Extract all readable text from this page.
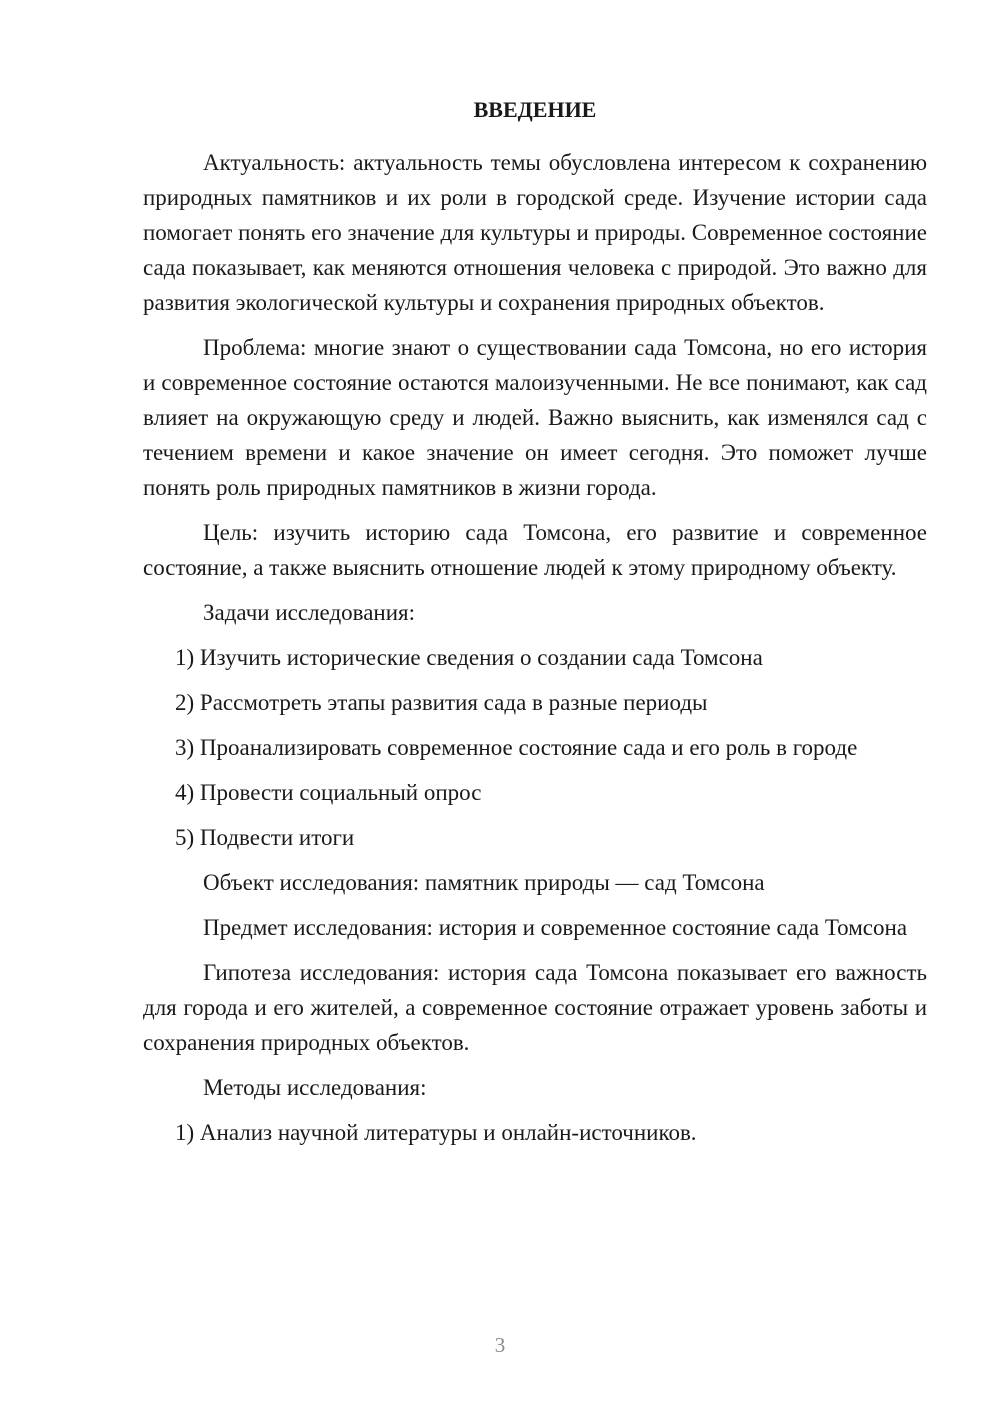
ВВЕДЕНИЕ

Актуальность: актуальность темы обусловлена интересом к сохранению природных памятников и их роли в городской среде. Изучение истории сада помогает понять его значение для культуры и природы. Современное состояние сада показывает, как меняются отношения человека с природой. Это важно для развития экологической культуры и сохранения природных объектов.

Проблема: многие знают о существовании сада Томсона, но его история и современное состояние остаются малоизученными. Не все понимают, как сад влияет на окружающую среду и людей. Важно выяснить, как изменялся сад с течением времени и какое значение он имеет сегодня. Это поможет лучше понять роль природных памятников в жизни города.

Цель: изучить историю сада Томсона, его развитие и современное состояние, а также выяснить отношение людей к этому природному объекту.

Задачи исследования:

1) Изучить исторические сведения о создании сада Томсона
2) Рассмотреть этапы развития сада в разные периоды
3) Проанализировать современное состояние сада и его роль в городе
4) Провести социальный опрос
5) Подвести итоги

Объект исследования: памятник природы — сад Томсона

Предмет исследования: история и современное состояние сада Томсона

Гипотеза исследования: история сада Томсона показывает его важность для города и его жителей, а современное состояние отражает уровень заботы и сохранения природных объектов.

Методы исследования:

1) Анализ научной литературы и онлайн-источников.
3
